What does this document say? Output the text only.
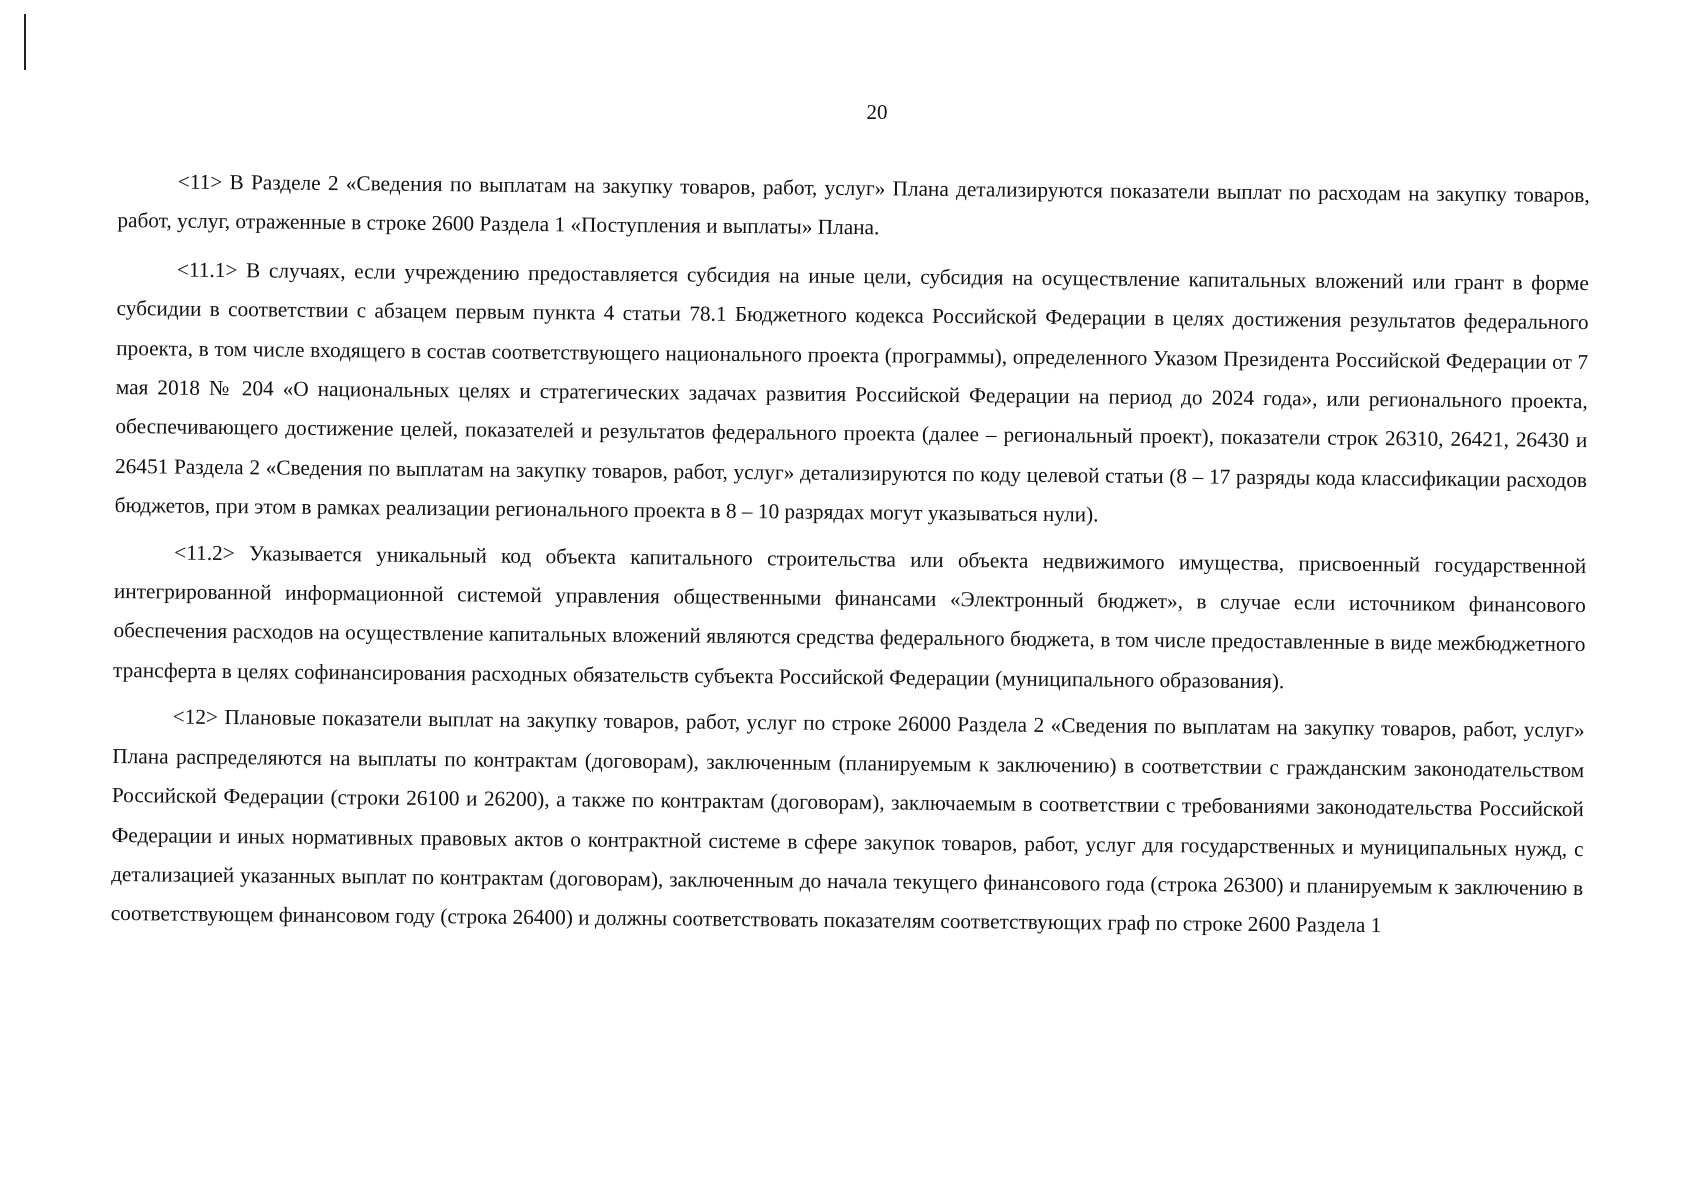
20

<11> В Разделе 2 «Сведения по выплатам на закупку товаров, работ, услуг» Плана детализируются показатели выплат по расходам на закупку товаров, работ, услуг, отраженные в строке 2600 Раздела 1 «Поступления и выплаты» Плана.

<11.1> В случаях, если учреждению предоставляется субсидия на иные цели, субсидия на осуществление капитальных вложений или грант в форме субсидии в соответствии с абзацем первым пункта 4 статьи 78.1 Бюджетного кодекса Российской Федерации в целях достижения результатов федерального проекта, в том числе входящего в состав соответствующего национального проекта (программы), определенного Указом Президента Российской Федерации от 7 мая 2018 № 204 «О национальных целях и стратегических задачах развития Российской Федерации на период до 2024 года», или регионального проекта, обеспечивающего достижение целей, показателей и результатов федерального проекта (далее – региональный проект), показатели строк 26310, 26421, 26430 и 26451 Раздела 2 «Сведения по выплатам на закупку товаров, работ, услуг» детализируются по коду целевой статьи (8 – 17 разряды кода классификации расходов бюджетов, при этом в рамках реализации регионального проекта в 8 – 10 разрядах могут указываться нули).

<11.2> Указывается уникальный код объекта капитального строительства или объекта недвижимого имущества, присвоенный государственной интегрированной информационной системой управления общественными финансами «Электронный бюджет», в случае если источником финансового обеспечения расходов на осуществление капитальных вложений являются средства федерального бюджета, в том числе предоставленные в виде межбюджетного трансферта в целях софинансирования расходных обязательств субъекта Российской Федерации (муниципального образования).

<12> Плановые показатели выплат на закупку товаров, работ, услуг по строке 26000 Раздела 2 «Сведения по выплатам на закупку товаров, работ, услуг» Плана распределяются на выплаты по контрактам (договорам), заключенным (планируемым к заключению) в соответствии с гражданским законодательством Российской Федерации (строки 26100 и 26200), а также по контрактам (договорам), заключаемым в соответствии с требованиями законодательства Российской Федерации и иных нормативных правовых актов о контрактной системе в сфере закупок товаров, работ, услуг для государственных и муниципальных нужд, с детализацией указанных выплат по контрактам (договорам), заключенным до начала текущего финансового года (строка 26300) и планируемым к заключению в соответствующем финансовом году (строка 26400) и должны соответствовать показателям соответствующих граф по строке 2600 Раздела 1
